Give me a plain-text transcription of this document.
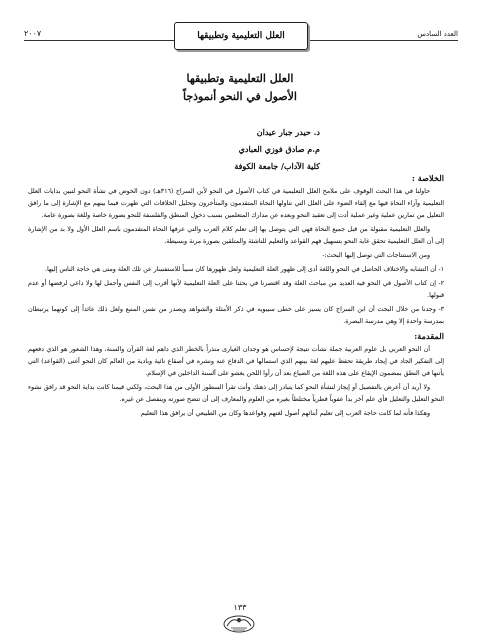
العدد السادس
العلل التعليمية وتطبيقها
٢٠٠٧
العلل التعليمية وتطبيقها
الأصول في النحو أنموذجاً
د. حيدر جبار عيدان
م.م صادق فوزي العبادي
كلية الآداب/ جامعة الكوفة
الخلاصة :

حاولنا في هذا البحث الوقوف على ملامح العلل التعليمية في كتاب الأصول في النحو لأبن السراج (٣١٦هـ) دون الخوض في نشأة النحو لتبين بدايات العلل التعليمية وآراء النحاة فيها مع إلقاء الضوء على العلل التي تناولها النحاة المتقدمون والمتأخرون وتحليل الخلافات التي ظهرت فيما بينهم مع الإشارة إلى ما رافق التعليل من تمارين عملية وغير عملية أدت إلى تعقيد النحو وبعده عن مدارك المتعلمين بسبب دخول المنطق والفلسفة للنحو بصورة خاصة وللغة بصورة عامة.

والعلل التعليمية مقبولة من قبل جميع النحاة فهي التي يتوصل بها إلى تعلم كلام العرب والتي عرفها النحاة المتقدمون باسم العلل الأول ولا بد من الإشارة إلى أن العلل التعليمية تحقق غاية النحو بتسهيل فهم القواعد والتعليم للناشئة والمتلقين بصورة مرنة وبسيطة.

ومن الاستنتاجات التي توصل إليها البحث:-

١- أن التشابه والاختلاف الحاصل في النحو واللغة أدى إلى ظهور العلة التعليمية ولعل ظهورها كان سبباً للاستفسار عن تلك العلة ومتى هي حاجة الناس إليها.

٢- إن كتاب الأصول في النحو فيه العديد من مباحث العلة وقد اقتصرنا في بحثنا على العلة التعليمية لأنها أقرب إلى النفس وأجمل لها ولا داعي لرفضها أو عدم قبولها.

٣- وجدنا من خلال البحث أن ابن السراج كان يسير على خطى سيبويه في ذكر الأمثلة والشواهد ويصدر من نفس المنبع ولعل ذلك عائداً إلى كونهما يرتبطان بمدرسة واحدة إلا وهي مدرسة البصرة.

المقدمة:

أن النحو العربي بل علوم العربية جملة نشأت نتيجة لإحساس هو وجدان الغيارى منذراً بالخطر الذي داهم لغة القرآن والسنة، وهذا الشعور هو الذي دفعهم إلى التفكير الجاد في إيجاد طريقة تحفظ عليهم لغة بينهم الذي استمالها في الدفاع عنه ونشره في أصقاع نائية وبادية من العالم كان النحو أغنى (القواعد) التي يأتنها في النطق بمضمون الإيقاع على هذه اللغة من الضياع بعد أن رأوا اللحن يغشو على ألسنة الداخلين في الإسلام.

ولا أريد أن أعرض بالتفصيل أو إيجاز لنشأة النحو كما يتبادر إلى ذهنك وأنت تقرأ السطور الأولى من هذا البحث، ولكني قيمنا كانت بداية النحو قد رافق نشوء النحو التعليل والتعليل فأي علم آخر بدأ عفوياً فطرياً مختلطاً بغيره من العلوم والمعارف إلى أن تتضح صورته وينفصل عن غيره.

وهكذا فأنه لما كانت حاجة العرب إلى تعليم أبنائهم أصول لغتهم وقواعدها وكان من الطبيعي أن يرافق هذا التعليم

١٣٣
